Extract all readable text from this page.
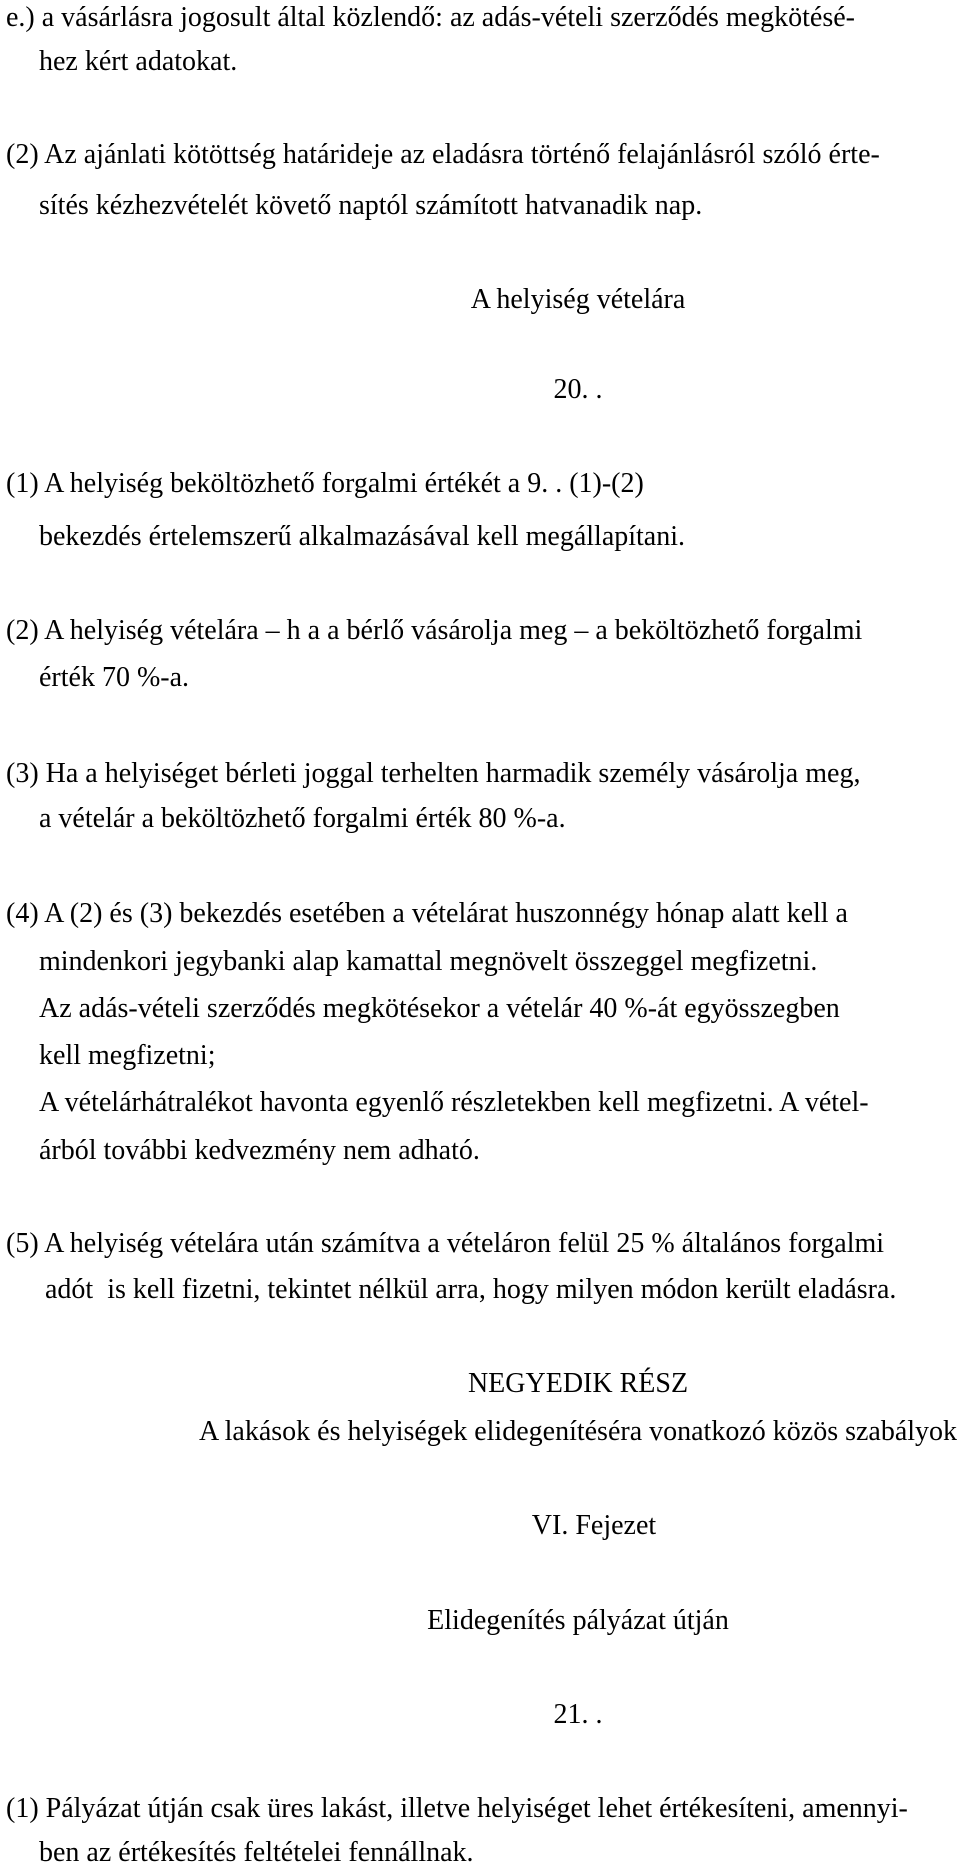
e.) a vásárlásra jogosult által közlendő: az adás-vételi szerződés megkötésé-
hez kért adatokat.
(2) Az ajánlati kötöttség határideje az eladásra történő felajánlásról szóló érte-
sítés kézhezvételét követő naptól számított hatvanadik nap.
A helyiség vételára
20. .
(1) A helyiség beköltözhető forgalmi értékét a 9. . (1)-(2)
bekezdés értelemszerű alkalmazásával kell megállapítani.
(2) A helyiség vételára – h a a bérlő vásárolja meg – a beköltözhető forgalmi
érték 70 %-a.
(3) Ha a helyiséget bérleti joggal terhelten harmadik személy vásárolja meg,
a vételár a beköltözhető forgalmi érték 80 %-a.
(4) A (2) és (3) bekezdés esetében a vételárat huszonnégy hónap alatt kell a
mindenkori jegybanki alap kamattal megnövelt összeggel megfizetni.
Az adás-vételi szerződés megkötésekor a vételár 40 %-át egyösszegben
kell megfizetni;
A vételárhátralékot havonta egyenlő részletekben kell megfizetni. A vétel-
árból további kedvezmény nem adható.
(5) A helyiség vételára után számítva a vételáron felül 25 % általános forgalmi
adót  is kell fizetni, tekintet nélkül arra, hogy milyen módon került eladásra.
NEGYEDIK RÉSZ
A lakások és helyiségek elidegenítéséra vonatkozó közös szabályok
VI. Fejezet
Elidegenítés pályázat útján
21. .
(1) Pályázat útján csak üres lakást, illetve helyiséget lehet értékesíteni, amennyi-
ben az értékesítés feltételei fennállnak.
